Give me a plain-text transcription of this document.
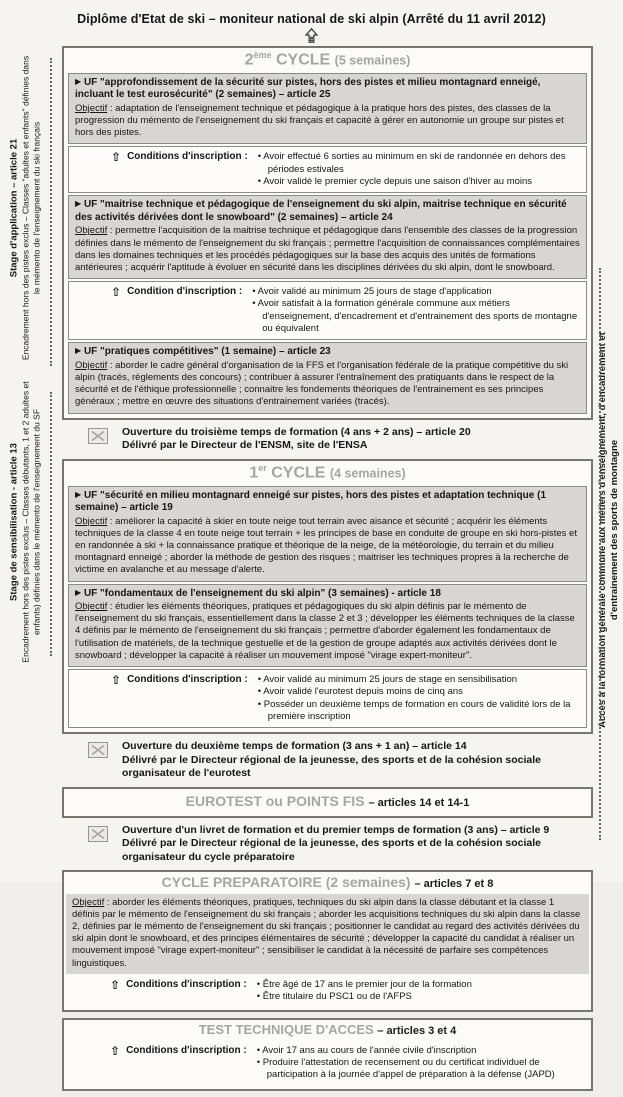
Diplôme d'Etat de ski – moniteur national de ski alpin (Arrêté du 11 avril 2012)
2ème CYCLE (5 semaines)
▶ UF "approfondissement de la sécurité sur pistes, hors des pistes et milieu montagnard enneigé, incluant le test eurosécurité" (2 semaines) – article 25
Objectif : adaptation de l'enseignement technique et pédagogique à la pratique hors des pistes, des classes de la progression du mémento de l'enseignement du ski français et capacité à gérer en autonomie un groupe sur pistes et hors des pistes.
⇧ Conditions d'inscription :	• Avoir effectué 6 sorties au minimum en ski de randonnée en dehors des périodes estivales
• Avoir validé le premier cycle depuis une saison d'hiver au moins
▶ UF "maitrise technique et pédagogique de l'enseignement du ski alpin, maitrise technique en sécurité des activités dérivées dont le snowboard" (2 semaines) – article 24
Objectif : permettre l'acquisition de la maitrise technique et pédagogique dans l'ensemble des classes de la progression définies dans le mémento de l'enseignement du ski français ; permettre l'acquisition de connaissances complémentaires dans les domaines techniques et les procédés pédagogiques sur la base des acquis des unités de formations antérieures ; acquérir l'aptitude à évoluer en sécurité dans les disciplines dérivées du ski alpin, dont le snowboard.
⇧ Condition d'inscription :	• Avoir validé au minimum 25 jours de stage d'application
• Avoir satisfait à la formation générale commune aux métiers d'enseignement, d'encadrement et d'entrainement des sports de montagne ou équivalent
▶ UF "pratiques compétitives" (1 semaine) – article 23
Objectif : aborder le cadre général d'organisation de la FFS et l'organisation fédérale de la pratique compétitive du ski alpin (tracés, règlements des concours) ; contribuer à assurer l'entraînement des pratiquants dans le respect de la sécurité et de l'éthique professionnelle ; connaitre les fondements théoriques de l'entrainement es ses principes généraux ; mettre en œuvre des situations d'entrainement variées (tracés).
Ouverture du troisième temps de formation (4 ans + 2 ans) – article 20
Délivré par le Directeur de l'ENSM, site de l'ENSA
1er CYCLE (4 semaines)
▶ UF "sécurité en milieu montagnard enneigé sur pistes, hors des pistes et adaptation technique (1 semaine) – article 19
Objectif : améliorer la capacité à skier en toute neige tout terrain avec aisance et sécurité ; acquérir les éléments techniques de la classe 4 en toute neige tout terrain + les principes de base en conduite de groupe en ski hors-pistes et en randonnée à ski + la connaissance pratique et théorique de la neige, de la météorologie, du terrain et du milieu montagnard enneigé ; aborder la méthode de gestion des risques ; maitriser les techniques propres à la recherche de victime en avalanche et au message d'alerte.
▶ UF "fondamentaux de l'enseignement du ski alpin" (3 semaines) - article 18
Objectif : étudier les éléments théoriques, pratiques et pédagogiques du ski alpin définis par le mémento de l'enseignement du ski français, essentiellement dans la classe 2 et 3 ; développer les éléments techniques de la classe 4 définis par le mémento de l'enseignement du ski français ; permettre d'aborder également les fondamentaux de l'utilisation de matériels, de la technique gestuelle et de la gestion de groupe adaptés aux activités dérivées dont le snowboard ; développer la capacité à réaliser un mouvement imposé "virage expert-moniteur".
⇧ Conditions d'inscription :	• Avoir validé au minimum 25 jours de stage en sensibilisation
• Avoir validé l'eurotest depuis moins de cinq ans
• Posséder un deuxième temps de formation en cours de validité lors de la première inscription
Ouverture du deuxième temps de formation (3 ans + 1 an) – article 14
Délivré par le Directeur régional de la jeunesse, des sports et de la cohésion sociale organisateur de l'eurotest
EUROTEST ou POINTS FIS – articles 14 et 14-1
Ouverture d'un livret de formation et du premier temps de formation (3 ans) – article 9
Délivré par le Directeur régional de la jeunesse, des sports et de la cohésion sociale organisateur du cycle préparatoire
CYCLE PREPARATOIRE (2 semaines) – articles 7 et 8
Objectif : aborder les éléments théoriques, pratiques, techniques du ski alpin dans la classe débutant et la classe 1 définis par le mémento de l'enseignement du ski français ; aborder les acquisitions techniques du ski alpin dans la classe 2, définies par le mémento de l'enseignement du ski français ; positionner le candidat au regard des activités dérivées du ski alpin dont le snowboard, et des principes élémentaires de sécurité ; développer la capacité du candidat à réaliser un mouvement imposé "virage expert-moniteur" ; sensibiliser le candidat à la nécessité de parfaire ses compétences linguistiques.
⇧ Conditions d'inscription :	• Être âgé de 17 ans le premier jour de la formation
• Être titulaire du PSC1 ou de l'AFPS
TEST TECHNIQUE D'ACCES – articles 3 et 4
⇧ Conditions d'inscription :	• Avoir 17 ans au cours de l'année civile d'inscription
• Produire l'attestation de recensement ou du certificat individuel de participation à la journée d'appel de préparation à la défense (JAPD)
Stage d'application – article 21 Encadrement hors des pistes exclus – Classes "adultes et enfants" définies dans le mémento de l'enseignement du ski français
Stage de sensibilisation - article 13 Encadrement hors des pistes exclus – Classes débutants, 1 et 2 adultes et enfants) définies dans le mémento de l'enseignement du SF	Accès à la formation générale commune aux métiers d'enseignement, d'encadrement et d'entrainement des sports de montagne
